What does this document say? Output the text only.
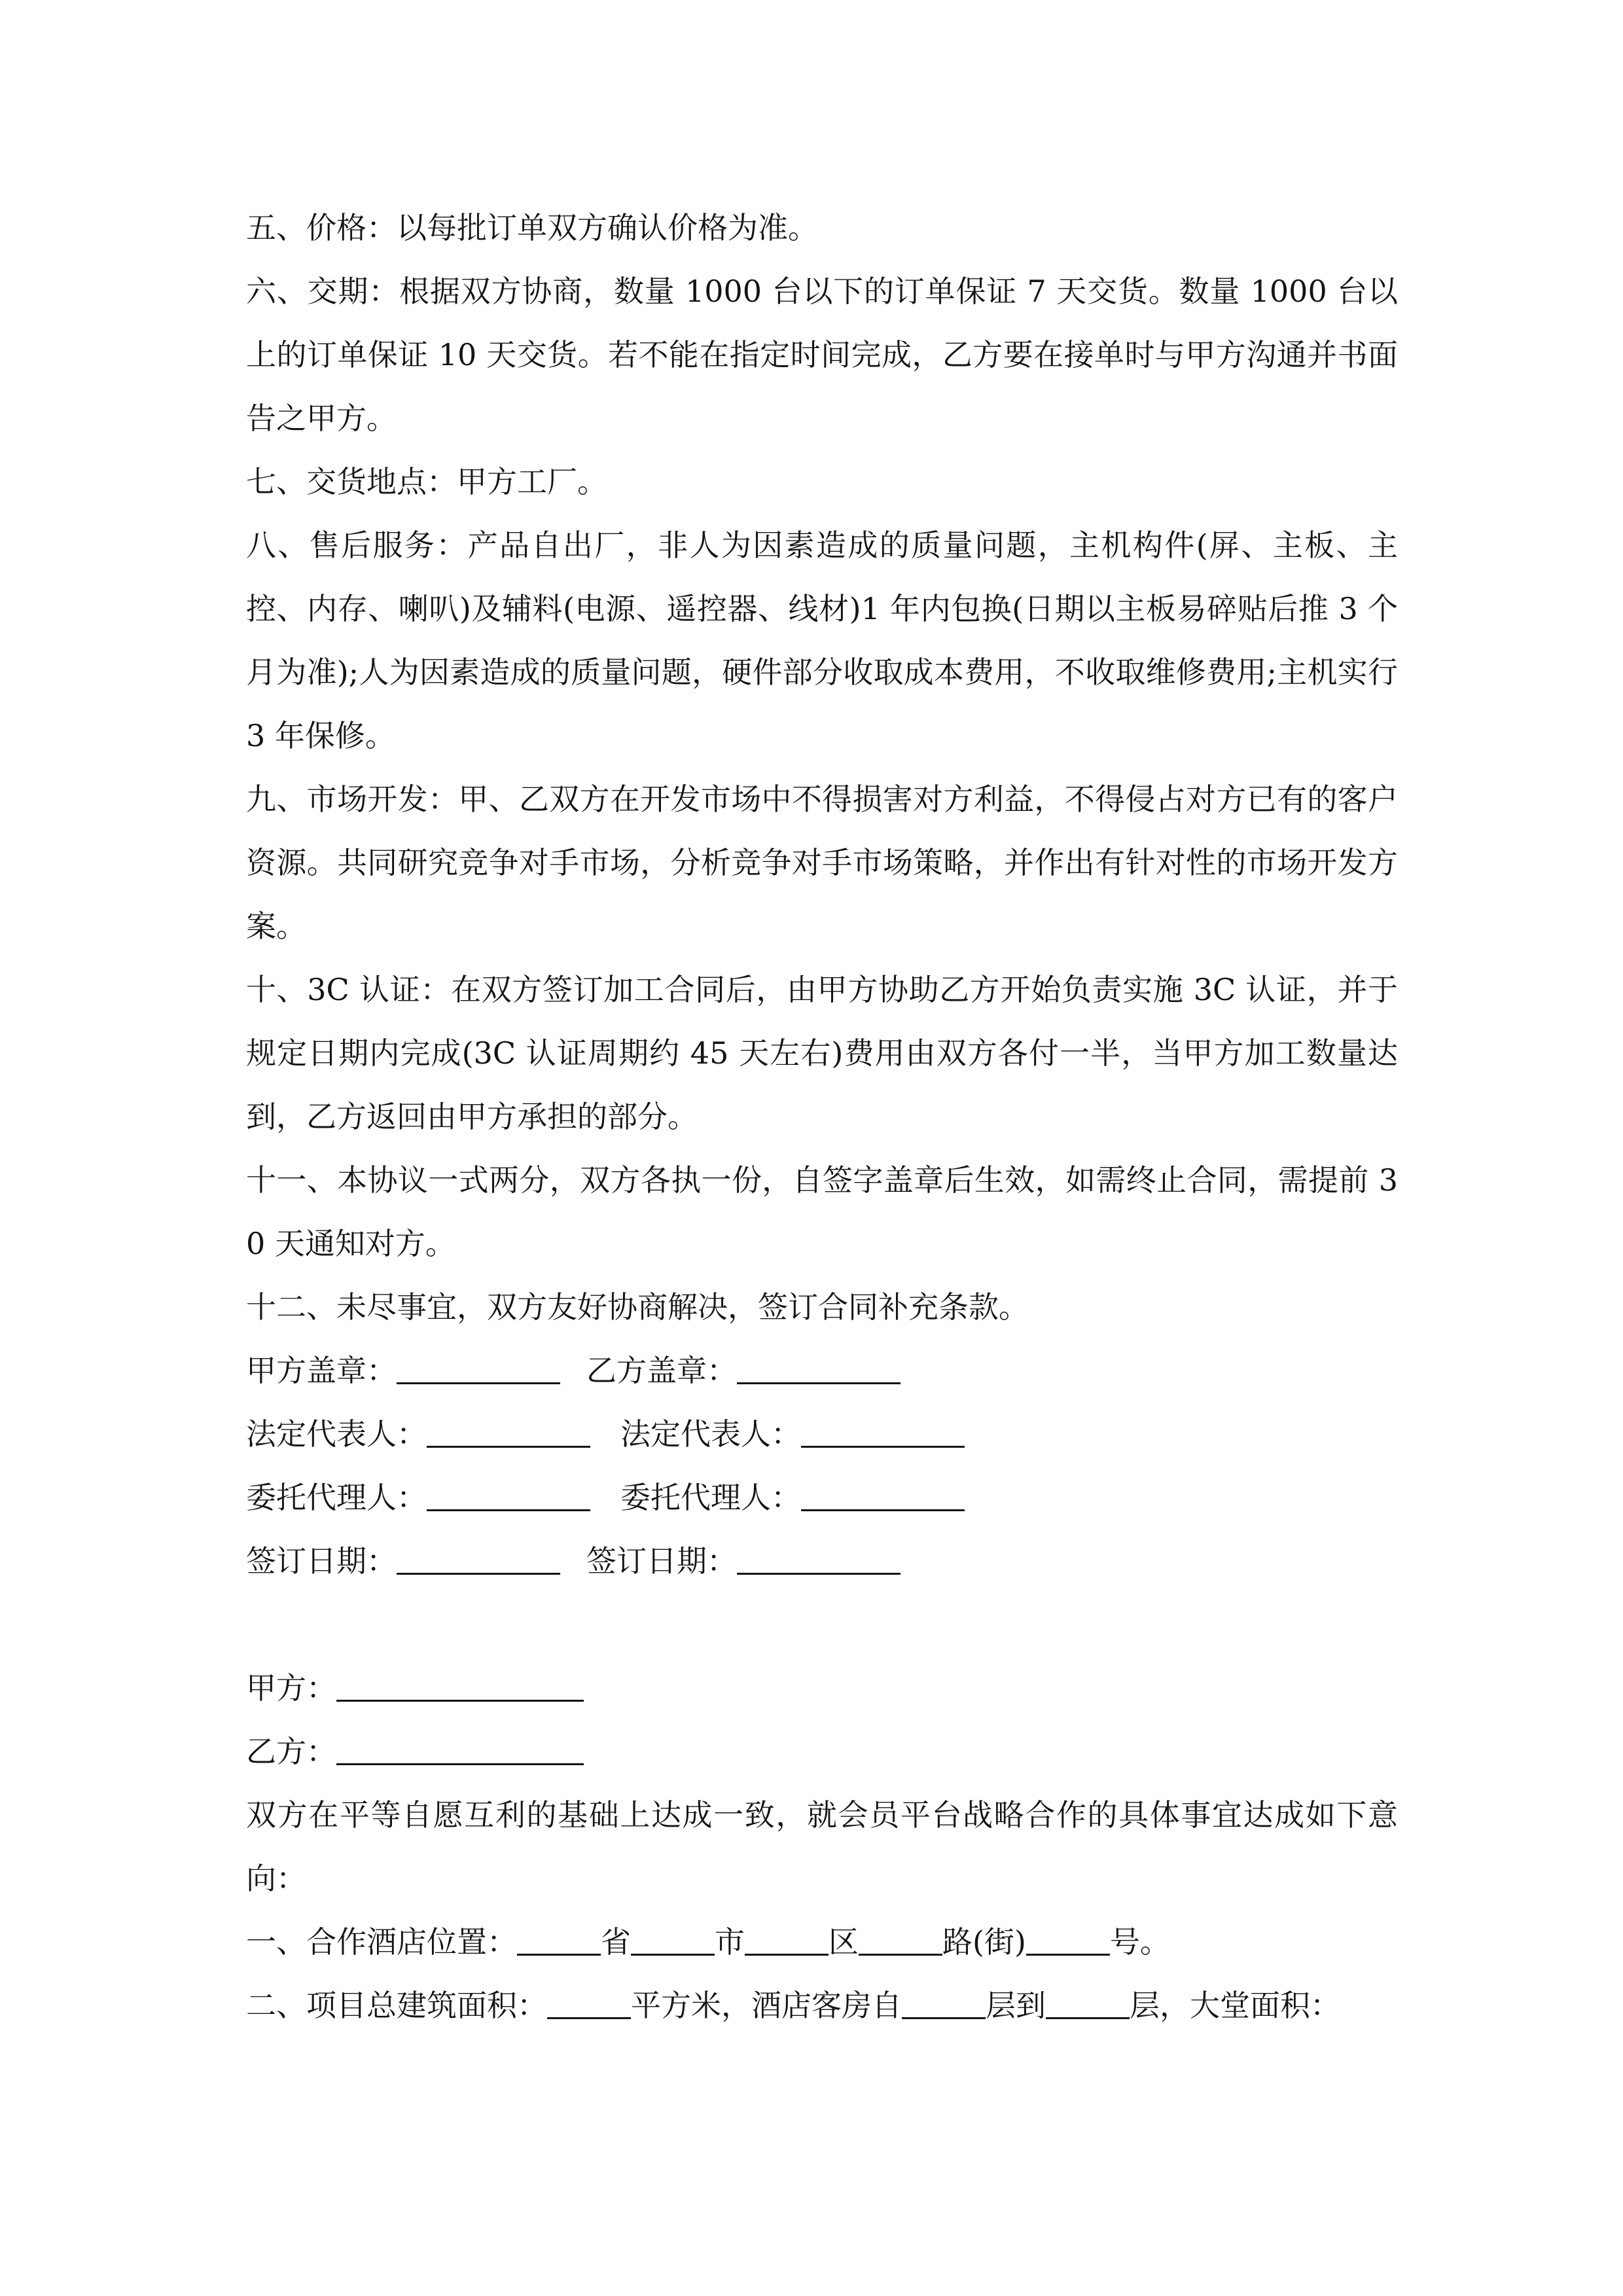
五、价格：以每批订单双方确认价格为准。

六、交期：根据双方协商，数量 1000 台以下的订单保证 7 天交货。数量 1000 台以上的订单保证 10 天交货。若不能在指定时间完成，乙方要在接单时与甲方沟通并书面告之甲方。

七、交货地点：甲方工厂。

八、售后服务：产品自出厂，非人为因素造成的质量问题，主机构件(屏、主板、主控、内存、喇叭)及辅料(电源、遥控器、线材)1 年内包换(日期以主板易碎贴后推 3 个月为准);人为因素造成的质量问题，硬件部分收取成本费用，不收取维修费用;主机实行 3 年保修。

九、市场开发：甲、乙双方在开发市场中不得损害对方利益，不得侵占对方已有的客户资源。共同研究竞争对手市场，分析竞争对手市场策略，并作出有针对性的市场开发方案。

十、3C 认证：在双方签订加工合同后，由甲方协助乙方开始负责实施 3C 认证，并于规定日期内完成(3C 认证周期约 45 天左右)费用由双方各付一半，当甲方加工数量达到，乙方返回由甲方承担的部分。

十一、本协议一式两分，双方各执一份，自签字盖章后生效，如需终止合同，需提前 30 天通知对方。

十二、未尽事宜，双方友好协商解决，签订合同补充条款。

甲方盖章：	乙方盖章：
法定代表人：	法定代表人：
委托代理人：	委托代理人：
签订日期：	签订日期：
甲方：
乙方：

双方在平等自愿互利的基础上达成一致，就会员平台战略合作的具体事宜达成如下意向：

一、合作酒店位置：	省	市	区	路(街)	号。
二、项目总建筑面积：	平方米，酒店客房自	层到	层，大堂面积：
